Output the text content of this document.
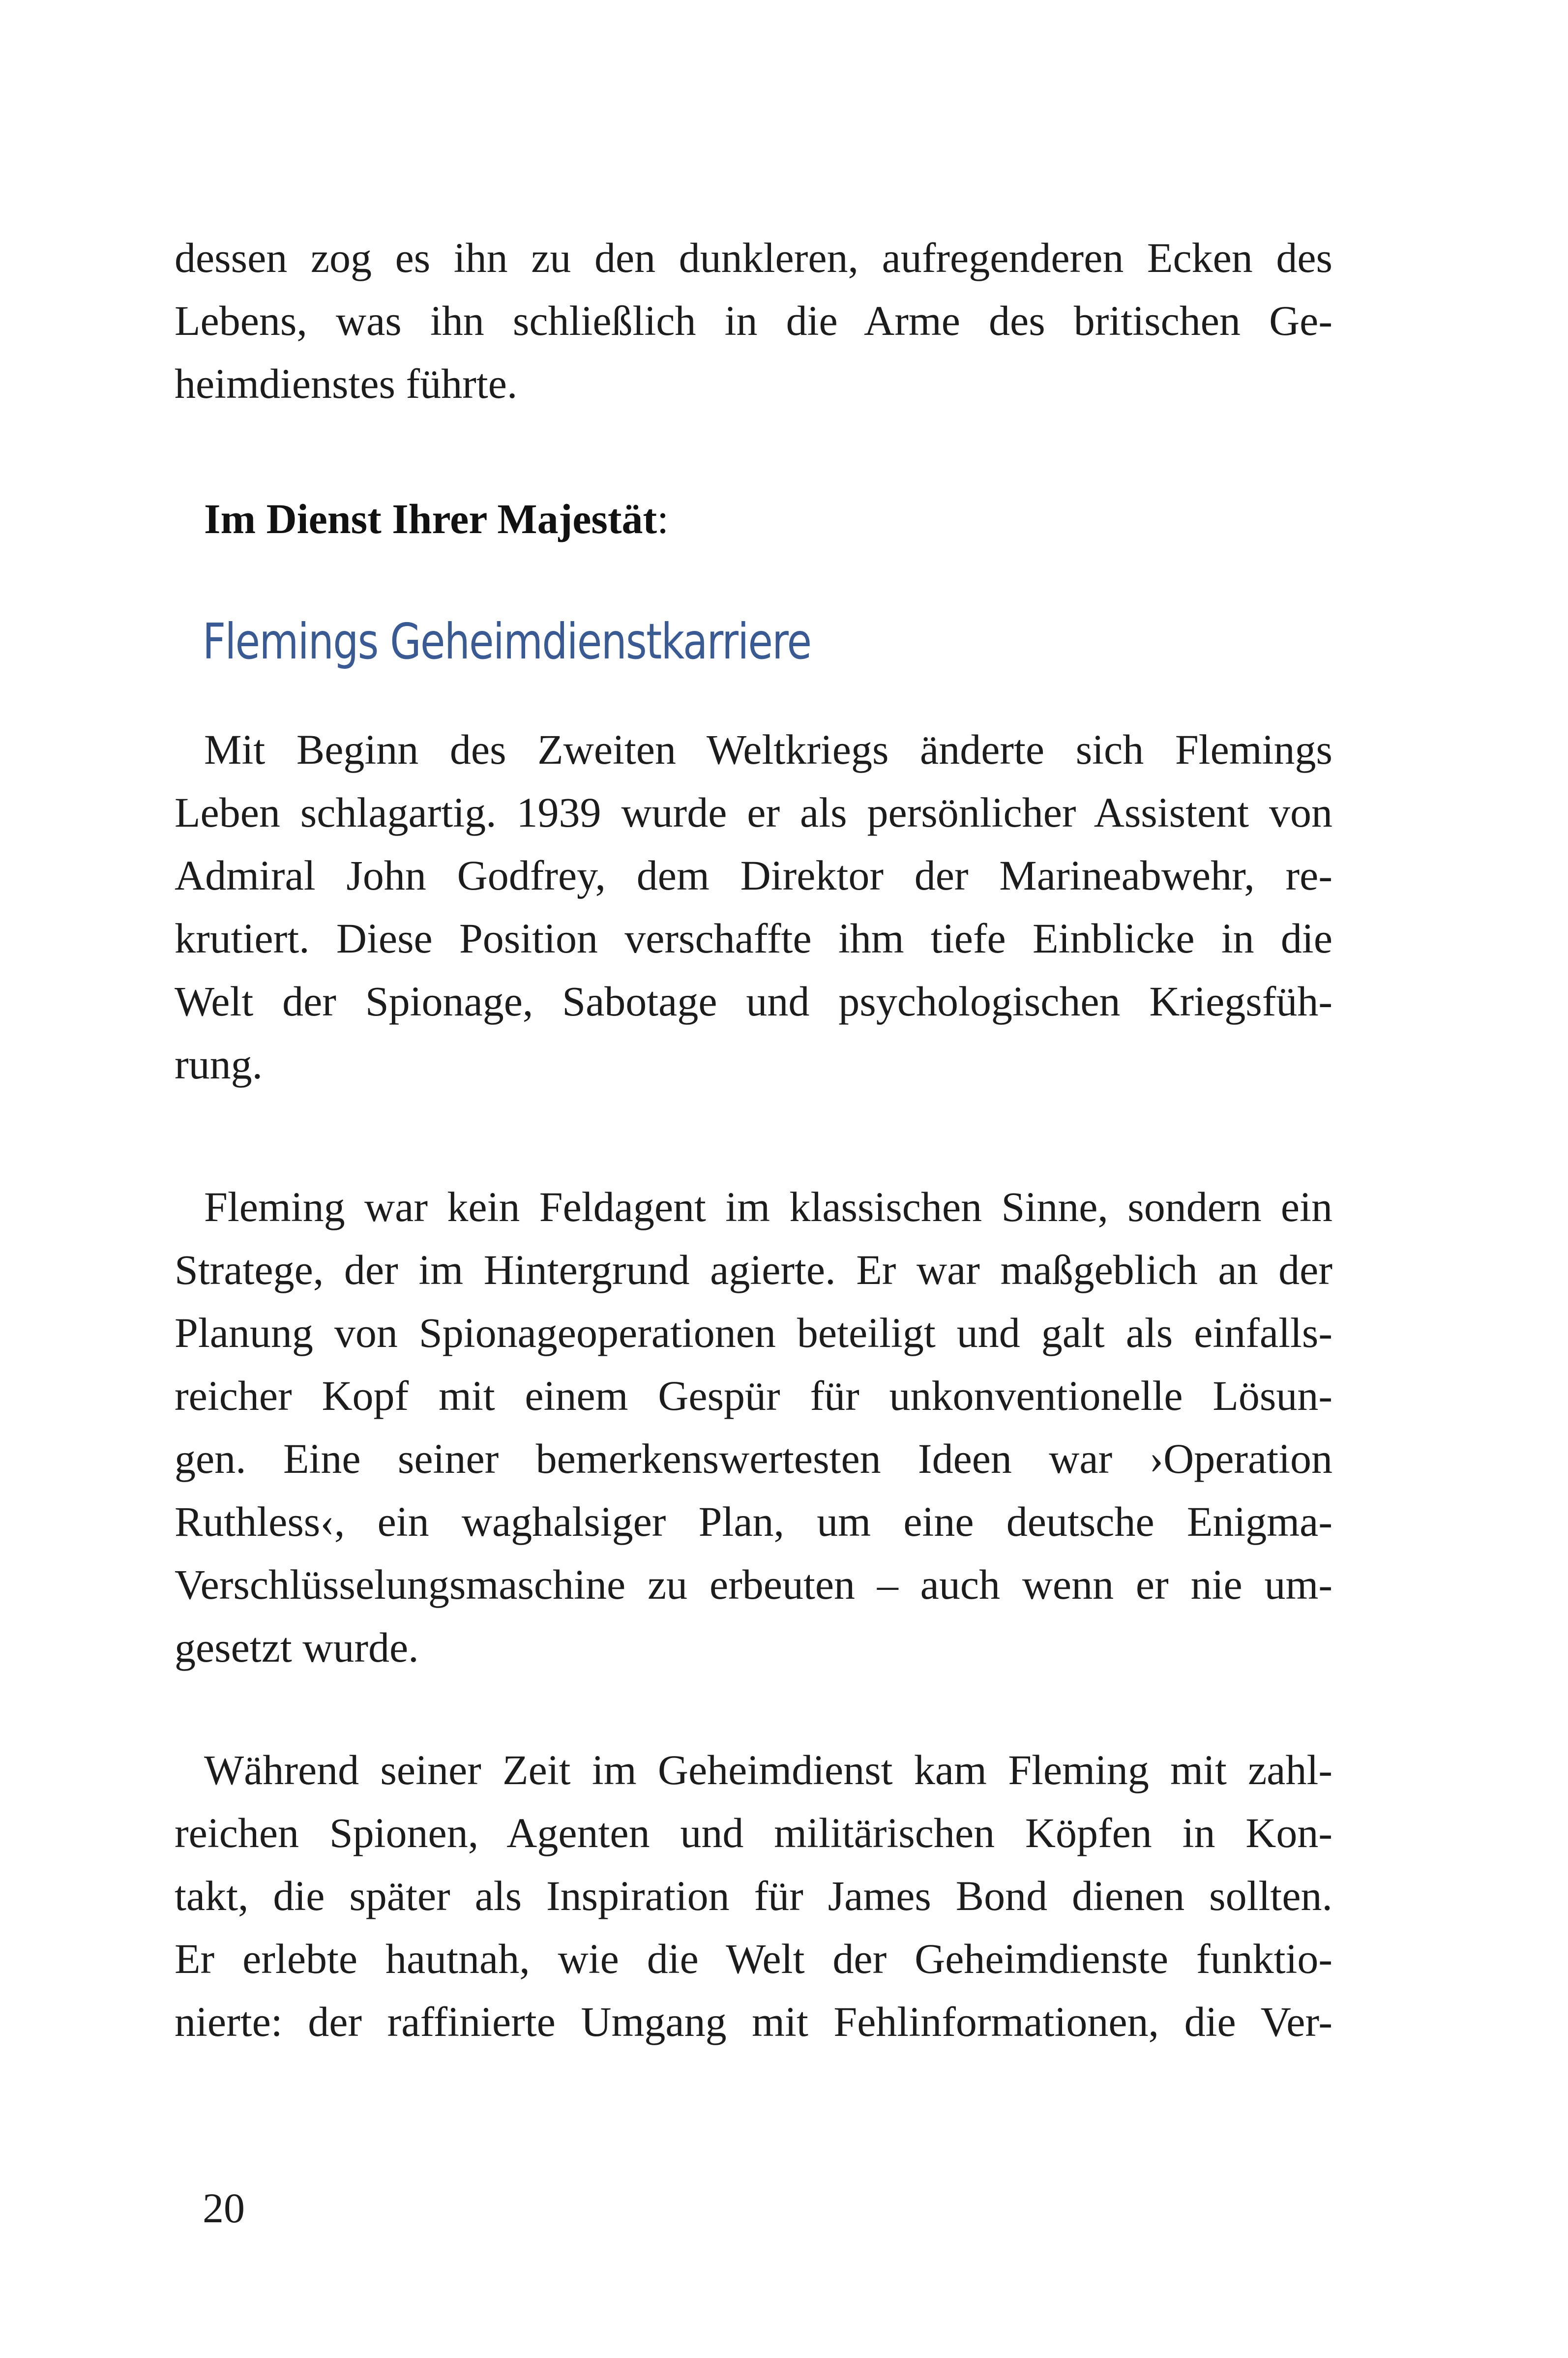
dessen zog es ihn zu den dunkleren, aufregenderen Ecken des
Lebens, was ihn schließlich in die Arme des britischen Ge-
heimdienstes führte.

Im Dienst Ihrer Majestät:

Flemings Geheimdienstkarriere
Mit Beginn des Zweiten Weltkriegs änderte sich Flemings
Leben schlagartig. 1939 wurde er als persönlicher Assistent von
Admiral John Godfrey, dem Direktor der Marineabwehr, re-
krutiert. Diese Position verschaffte ihm tiefe Einblicke in die
Welt der Spionage, Sabotage und psychologischen Kriegsfüh-
rung.
Fleming war kein Feldagent im klassischen Sinne, sondern ein
Stratege, der im Hintergrund agierte. Er war maßgeblich an der
Planung von Spionageoperationen beteiligt und galt als einfalls-
reicher Kopf mit einem Gespür für unkonventionelle Lösun-
gen. Eine seiner bemerkenswertesten Ideen war ›Operation
Ruthless‹, ein waghalsiger Plan, um eine deutsche Enigma-
Verschlüsselungsmaschine zu erbeuten – auch wenn er nie um-
gesetzt wurde.
Während seiner Zeit im Geheimdienst kam Fleming mit zahl-
reichen Spionen, Agenten und militärischen Köpfen in Kon-
takt, die später als Inspiration für James Bond dienen sollten.
Er erlebte hautnah, wie die Welt der Geheimdienste funktio-
nierte: der raffinierte Umgang mit Fehlinformationen, die Ver-

20
